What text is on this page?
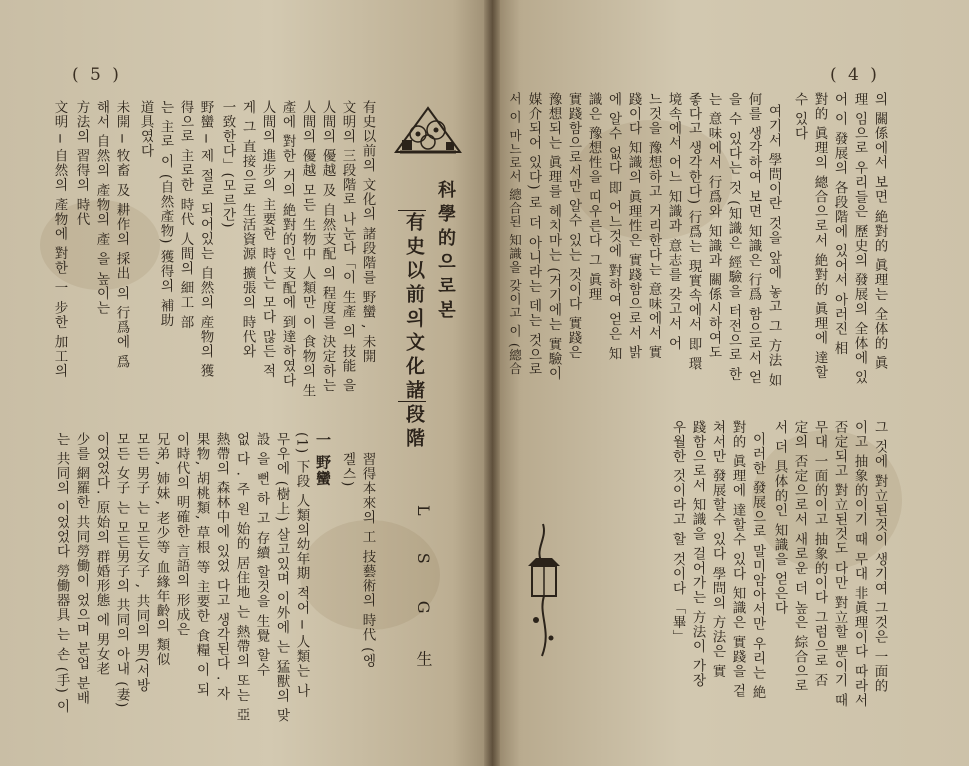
( 5 )
科學的으로본
有史以前의文化諸段階
L S G 生
習得本來의 工 技藝術의 時代 (엥
겔스)
一 野蠻
(1) 下段 人類의幼年期 적어 ─ 人類는 나
무우에 (樹上) 살고있며 이外에 는 猛獸의 맞
設 을 뻔 하 고 存續 할것을 生覺 할수
없 다 . 주 원 始的 居住地 는 熱帶의 또는 亞
熱帶의 森林中에 있었 다고 생각된다 . 자
果物, 胡桃類, 草根 等 主要한 食糧 이 되
이時代의 明確한 言語의 形成은
兄弟, 姉妹, 老少等 血緣年齡의 類似
모든 男子 는 모든女子 , 共同의 男(서방
모든 女子 는 모든男子의 共同의 아내 (妻)
이었었다. 原始의 群婚形態 에 男女老
少를 網羅한 共同勞働이 었으며 분업 분배
는 共同의 이었었다 勞働器具 는 손 (手) 이
有史以前의 文化의 諸段階를 野蠻 , 未開
文明의 三段階로 나눈다「이 生產 의 技能 을
人間의 優越 及 自然支配 의 程度를 決定하는
人間의 優越 모든 生物中 人類만 이 食物의 生
產에 對한 거의 絶對的인 支配에 到達하였다
人間의 進步의 主要한 時代는 모다 많든 적
게 그 直接으로 生活資源 擴張의 時代와
一致한다」(모르간)
野蠻 ─ 제 절로 되어있는 自然의 産物의 獲
得으로 主로한 時代 人間의 細工 部
는 主로 이 (自然產物) 獲得의 補助
道具였다
未開 ─ 牧畜 及 耕作의 採出 의 行爲에 爲
해서 自然의 產物의 產 을 높이는
方法의 習得의 時代
文明 ─ 自然의 產物에 對한 一 步한 加工의
( 4 )
의 關係에서 보면 絶對的 眞理는 全体的 眞
理 임으로 우리들은 歷史의 發展의 全体에 있
어 이 發展의 各段階에 있어서 아러진 相
對的 眞理의 總合으로서 絶對的 眞理에 達할
수 있다
여기서 學問이란 것을 앞에 놓고 그 方法 如
何를 생각하여 보면 知識은 行爲 함으로서 얻
을 수 있다는 것 (知識은 經驗을 터전으로 한
는 意味에서 行爲와 知識과 關係시하여도
좋다고 생각한다) 行爲는 現實속에서 即 環
境속에서 어느 知識과 意志를 갖고서 어
느것을 豫想하고 거리한다는 意味에서 實
踐이다 知識의 眞理性은 實踐함으로서 밝
에 알수 없다 即 어느것에 對하여 얻은 知
識은 豫想性을 띠우른다 그 眞理
實踐함으로서만 알수 있는 것이다 實踐은
豫想되는 眞理를 헤치마는 (거기에는 實驗이
媒介되어 있다) 로 더 아니라는 데는 것으로
서 이 마느로서 總合된 知識을 갖이고 이 (總合
그 것에 對立된것이 생기여 그것은 一面的
이고 抽象的이기 때 무대 非眞理이다 따라서
否定되고 對立된것도 다만 對立할 뿐이기 때
무대 一面的이고 抽象的이다 그럼으로 否
定의 否定으로서 새로운 더 높은 綜合으로
서 더 具体的인 知識을 얻은다
이러한 發展으로 말미암아서만 우리는 絶
對的 眞理에 達할수 있다 知識은 實踐을 겉
쳐서만 發展할수 있다 學問의 方法은 實
踐함으로서 知識을 걸어가는 方法이 가장
우월한 것이라고 할 것이다 「畢」
